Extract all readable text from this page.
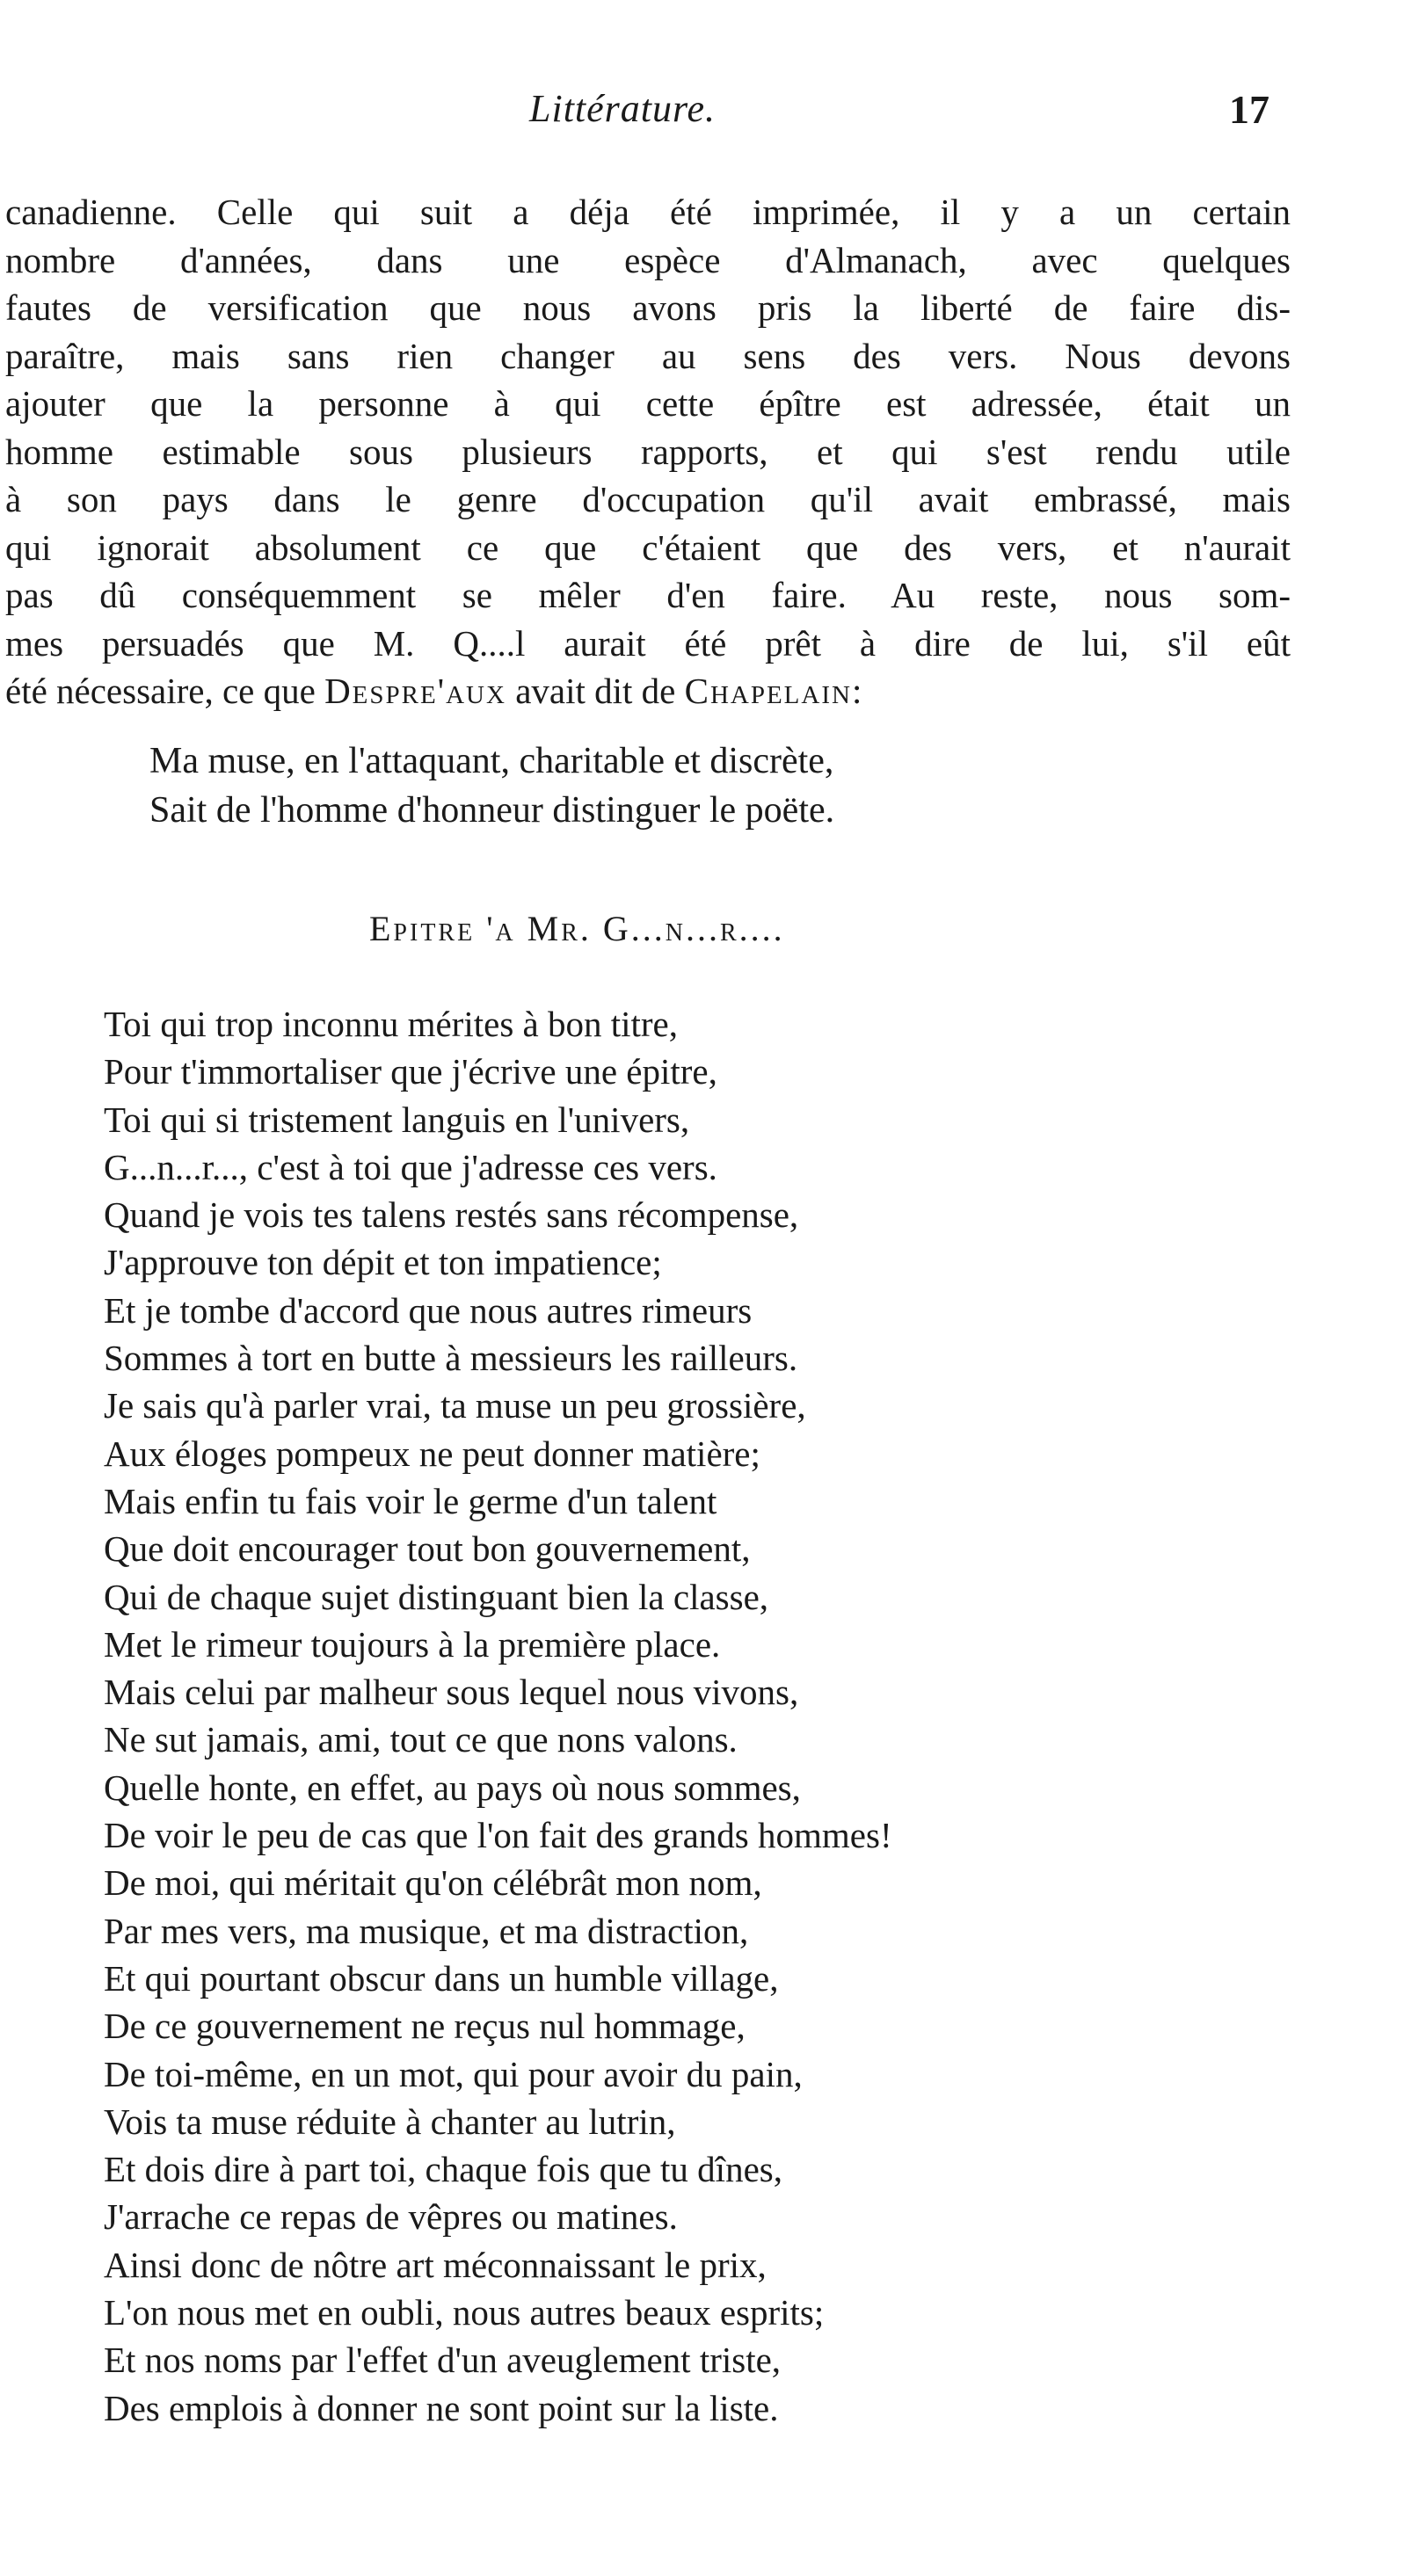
Littérature.	17
canadienne. Celle qui suit a déja été imprimée, il y a un certain
nombre d'années, dans une espèce d'Almanach, avec quelques
fautes de versification que nous avons pris la liberté de faire dis-
paraître, mais sans rien changer au sens des vers. Nous devons
ajouter que la personne à qui cette épître est adressée, était un
homme estimable sous plusieurs rapports, et qui s'est rendu utile
à son pays dans le genre d'occupation qu'il avait embrassé, mais
qui ignorait absolument ce que c'étaient que des vers, et n'aurait
pas dû conséquemment se mêler d'en faire. Au reste, nous som-
mes persuadés que M. Q....l aurait été prêt à dire de lui, s'il eût
été nécessaire, ce que Despre'aux avait dit de Chapelain:
Ma muse, en l'attaquant, charitable et discrète,
Sait de l'homme d'honneur distinguer le poëte.
Epitre 'a Mr. G...n...r....
Toi qui trop inconnu mérites à bon titre,
Pour t'immortaliser que j'écrive une épitre,
Toi qui si tristement languis en l'univers,
G...n...r..., c'est à toi que j'adresse ces vers.
Quand je vois tes talens restés sans récompense,
J'approuve ton dépit et ton impatience;
Et je tombe d'accord que nous autres rimeurs
Sommes à tort en butte à messieurs les railleurs.
Je sais qu'à parler vrai, ta muse un peu grossière,
Aux éloges pompeux ne peut donner matière;
Mais enfin tu fais voir le germe d'un talent
Que doit encourager tout bon gouvernement,
Qui de chaque sujet distinguant bien la classe,
Met le rimeur toujours à la première place.
Mais celui par malheur sous lequel nous vivons,
Ne sut jamais, ami, tout ce que nons valons.
Quelle honte, en effet, au pays où nous sommes,
De voir le peu de cas que l'on fait des grands hommes!
De moi, qui méritait qu'on célébrât mon nom,
Par mes vers, ma musique, et ma distraction,
Et qui pourtant obscur dans un humble village,
De ce gouvernement ne reçus nul hommage,
De toi-même, en un mot, qui pour avoir du pain,
Vois ta muse réduite à chanter au lutrin,
Et dois dire à part toi, chaque fois que tu dînes,
J'arrache ce repas de vêpres ou matines.
Ainsi donc de nôtre art méconnaissant le prix,
L'on nous met en oubli, nous autres beaux esprits;
Et nos noms par l'effet d'un aveuglement triste,
Des emplois à donner ne sont point sur la liste.
